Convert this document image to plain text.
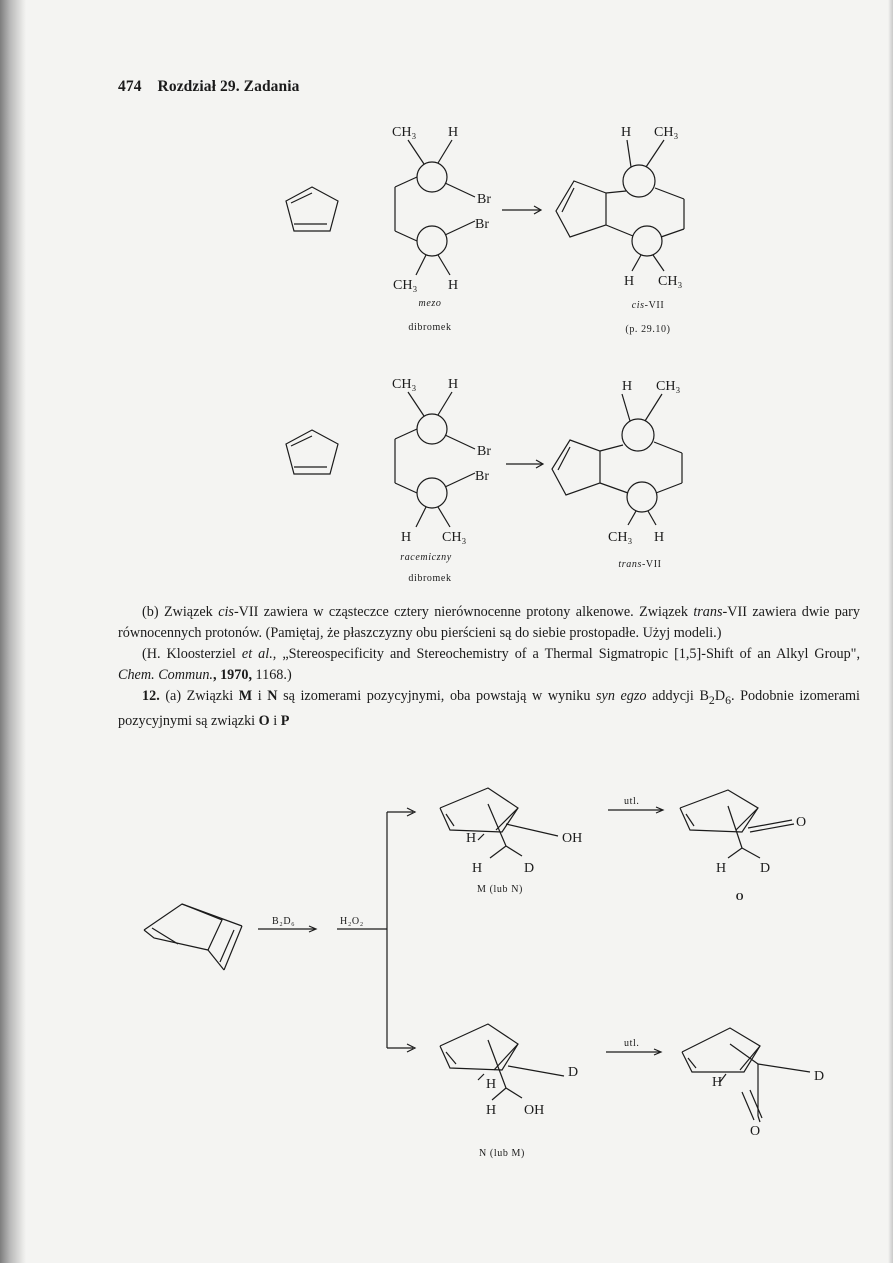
474 Rozdział 29. Zadania
CH₃ H
Br
Br
CH₃ H
mezo
dibromek
H CH₃
H CH₃
cis-VII
(p. 29.10)
CH₃ H
Br
Br
H CH₃
racemiczny
dibromek
H CH₃
CH₃ H
trans-VII

(b) Związek cis-VII zawiera w cząsteczce cztery nierównocenne protony alkenowe. Związek trans-VII zawiera dwie pary równocennych protonów. (Pamiętaj, że płaszczyzny obu pierścieni są do siebie prostopadłe. Użyj modeli.)

(H. Kloosterziel et al., „Stereospecificity and Stereochemistry of a Thermal Sigmatropic [1,5]-Shift of an Alkyl Group", Chem. Commun., 1970, 1168.)

12. (a) Związki M i N są izomerami pozycyjnymi, oba powstają w wyniku syn egzo addycji $B_2D_6$. Podobnie izomerami pozycyjnymi są związki O i P

B₂D₆	H₂O₂
H	OH
H	D
M (lub N)
utl.
O
H D
O
H
D
H OH
N (lub M)
utl.
H	D
O
